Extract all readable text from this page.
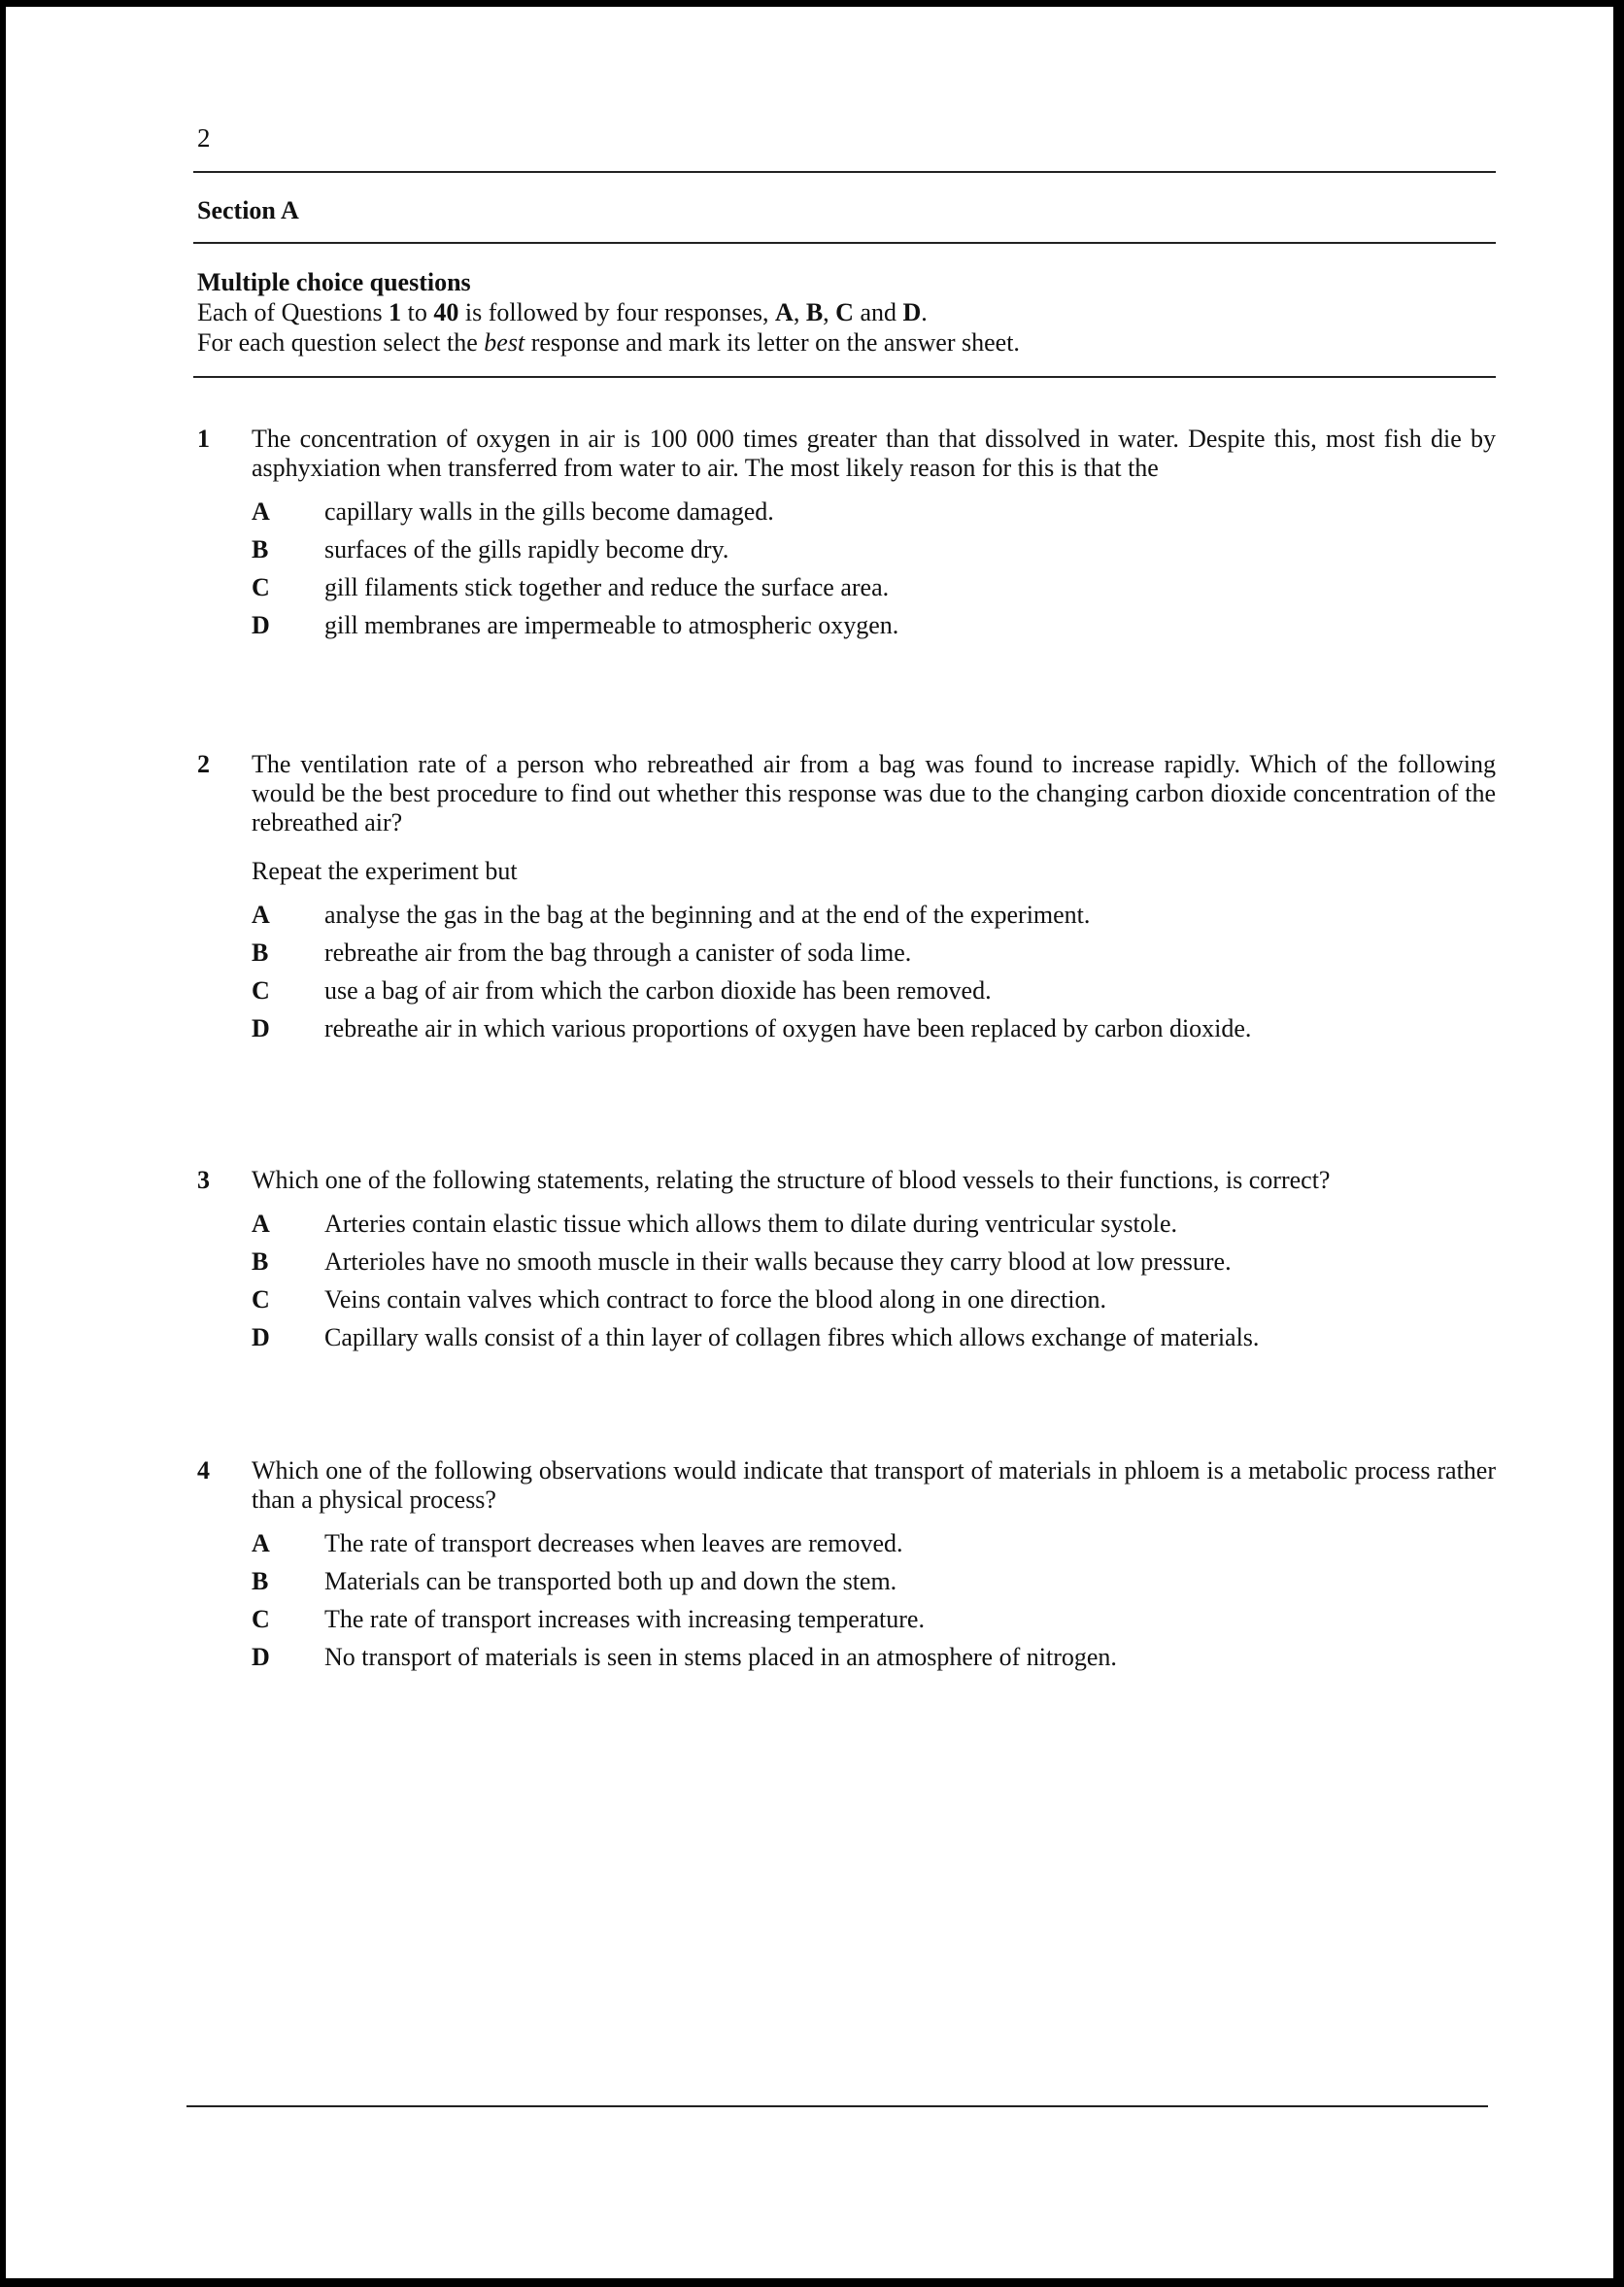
2
Section A
Multiple choice questions
Each of Questions 1 to 40 is followed by four responses, A, B, C and D.
For each question select the best response and mark its letter on the answer sheet.
1 The concentration of oxygen in air is 100 000 times greater than that dissolved in water. Despite this, most fish die by asphyxiation when transferred from water to air. The most likely reason for this is that the
A	capillary walls in the gills become damaged.
B	surfaces of the gills rapidly become dry.
C	gill filaments stick together and reduce the surface area.
D	gill membranes are impermeable to atmospheric oxygen.
2 The ventilation rate of a person who rebreathed air from a bag was found to increase rapidly. Which of the following would be the best procedure to find out whether this response was due to the changing carbon dioxide concentration of the rebreathed air?
Repeat the experiment but
A	analyse the gas in the bag at the beginning and at the end of the experiment.
B	rebreathe air from the bag through a canister of soda lime.
C	use a bag of air from which the carbon dioxide has been removed.
D	rebreathe air in which various proportions of oxygen have been replaced by carbon dioxide.
3 Which one of the following statements, relating the structure of blood vessels to their functions, is correct?
A	Arteries contain elastic tissue which allows them to dilate during ventricular systole.
B	Arterioles have no smooth muscle in their walls because they carry blood at low pressure.
C	Veins contain valves which contract to force the blood along in one direction.
D	Capillary walls consist of a thin layer of collagen fibres which allows exchange of materials.
4 Which one of the following observations would indicate that transport of materials in phloem is a metabolic process rather than a physical process?
A	The rate of transport decreases when leaves are removed.
B	Materials can be transported both up and down the stem.
C	The rate of transport increases with increasing temperature.
D	No transport of materials is seen in stems placed in an atmosphere of nitrogen.
